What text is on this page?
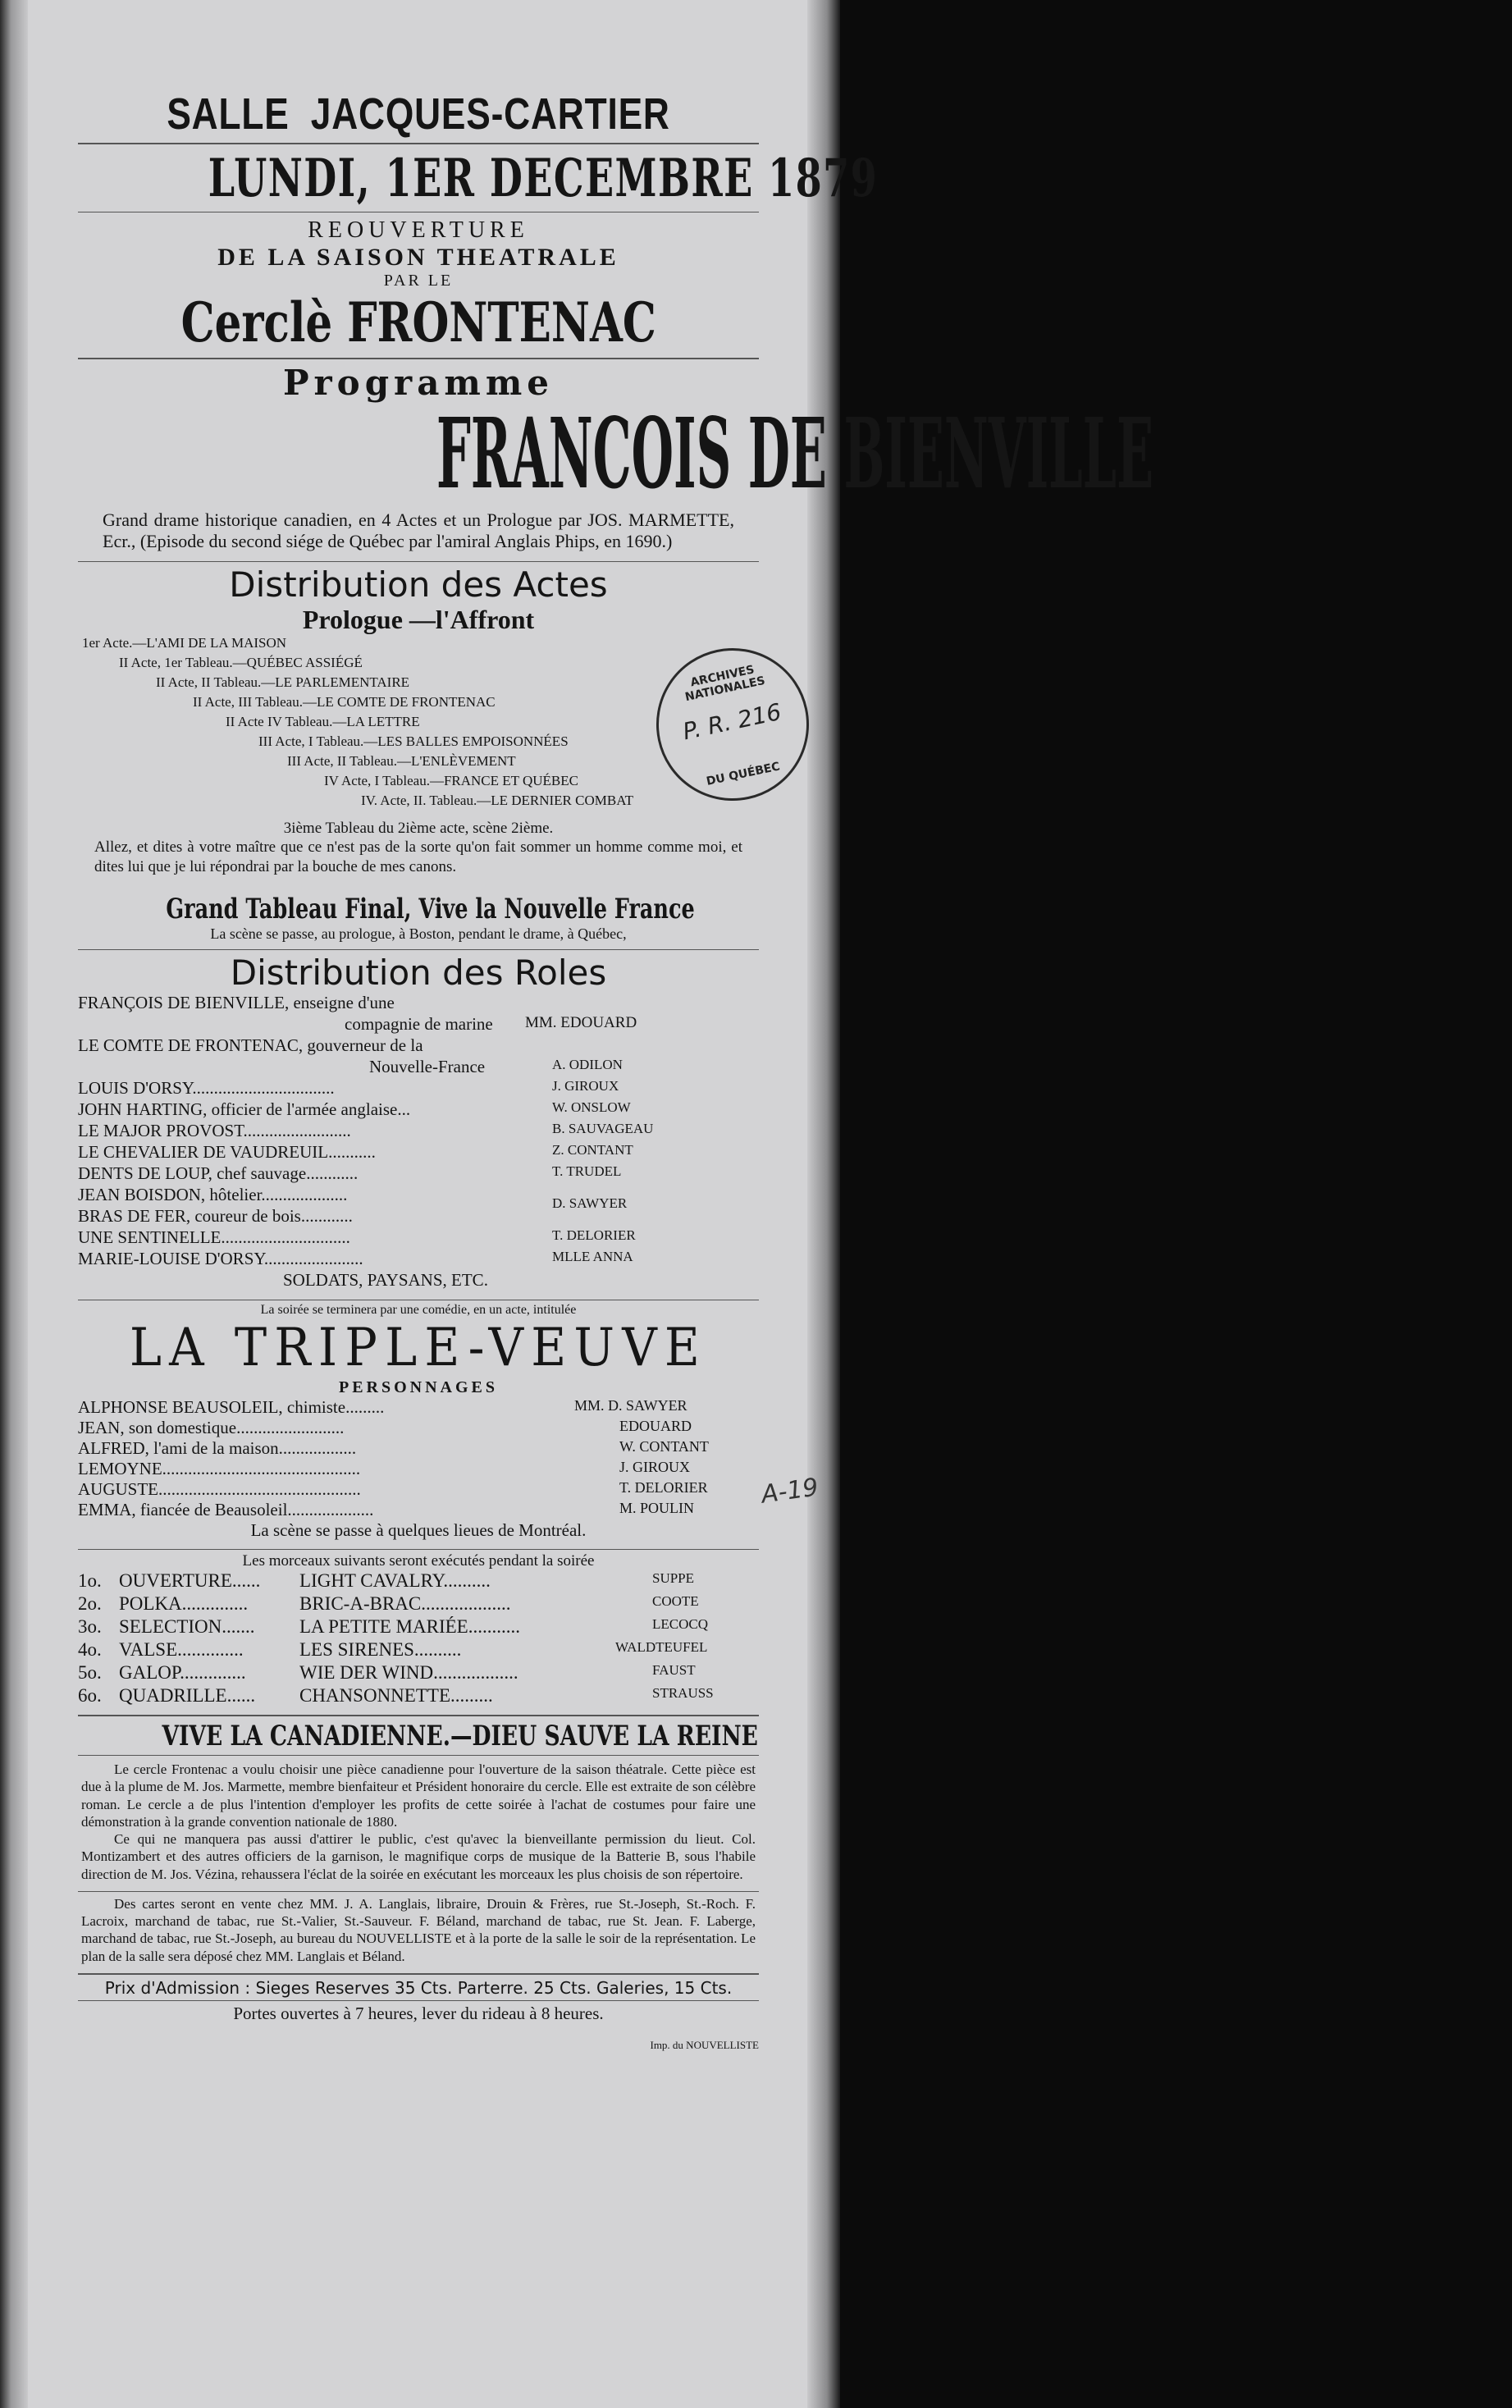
ARCHIVES NATIONALES
P. R. 216
DU QUÉBEC
A-19
SALLE JACQUES-CARTIER
LUNDI, 1ER DECEMBRE 1879
REOUVERTURE
DE LA SAISON THEATRALE
PAR LE
Cerclè FRONTENAC
Programme
FRANCOIS DE BIENVILLE
Grand drame historique canadien, en 4 Actes et un Prologue par JOS. MARMETTE, Ecr., (Episode du second siége de Québec par l'amiral Anglais Phips, en 1690.)
Distribution des Actes
Prologue —l'Affront
1er Acte.—L'AMI DE LA MAISON
II Acte, 1er Tableau.—QUÉBEC ASSIÉGÉ
II Acte, II Tableau.—LE PARLEMENTAIRE
II Acte, III Tableau.—LE COMTE DE FRONTENAC
II Acte IV Tableau.—LA LETTRE
III Acte, I Tableau.—LES BALLES EMPOISONNÉES
III Acte, II Tableau.—L'ENLÈVEMENT
IV Acte, I Tableau.—FRANCE ET QUÉBEC
IV. Acte, II. Tableau.—LE DERNIER COMBAT
3ième Tableau du 2ième acte, scène 2ième.
Allez, et dites à votre maître que ce n'est pas de la sorte qu'on fait sommer un homme comme moi, et dites lui que je lui répondrai par la bouche de mes canons.
Grand Tableau Final, Vive la Nouvelle France
La scène se passe, au prologue, à Boston, pendant le drame, à Québec,
Distribution des Roles
FRANÇOIS DE BIENVILLE, enseigne d'une
compagnie de marine MM. EDOUARD
LE COMTE DE FRONTENAC, gouverneur de la
Nouvelle-France	A. ODILON
LOUIS D'ORSY.................................	J. GIROUX
JOHN HARTING, officier de l'armée anglaise...	W. ONSLOW
LE MAJOR PROVOST.........................	B. SAUVAGEAU
LE CHEVALIER DE VAUDREUIL...........	Z. CONTANT
DENTS DE LOUP, chef sauvage............	T. TRUDEL
JEAN BOISDON, hôtelier....................	D. SAWYER
BRAS DE FER, coureur de bois............
UNE SENTINELLE..............................	T. DELORIER
MARIE-LOUISE D'ORSY.......................	MLLE ANNA
SOLDATS, PAYSANS, ETC.
La soirée se terminera par une comédie, en un acte, intitulée
LA TRIPLE-VEUVE
PERSONNAGES
ALPHONSE BEAUSOLEIL, chimiste.........	MM. D. SAWYER
JEAN, son domestique.........................	EDOUARD
ALFRED, l'ami de la maison..................	W. CONTANT
LEMOYNE..............................................	J. GIROUX
AUGUSTE...............................................	T. DELORIER
EMMA, fiancée de Beausoleil....................	M. POULIN
La scène se passe à quelques lieues de Montréal.
Les morceaux suivants seront exécutés pendant la soirée
1o. OUVERTURE...... LIGHT CAVALRY..........	SUPPE
2o. POLKA..............	BRIC-A-BRAC...................	COOTE
3o. SELECTION....... LA PETITE MARIÉE...........	LECOCQ
4o. VALSE..............	LES SIRENES..........	WALDTEUFEL
5o. GALOP..............	WIE DER WIND..................	FAUST
6o. QUADRILLE...... CHANSONNETTE.........	STRAUSS
VIVE LA CANADIENNE.—DIEU SAUVE LA REINE
Le cercle Frontenac a voulu choisir une pièce canadienne pour l'ouverture de la saison théatrale. Cette pièce est due à la plume de M. Jos. Marmette, membre bienfaiteur et Président honoraire du cercle. Elle est extraite de son célèbre roman. Le cercle a de plus l'intention d'employer les profits de cette soirée à l'achat de costumes pour faire une démonstration à la grande convention nationale de 1880.
Ce qui ne manquera pas aussi d'attirer le public, c'est qu'avec la bienveillante permission du lieut. Col. Montizambert et des autres officiers de la garnison, le magnifique corps de musique de la Batterie B, sous l'habile direction de M. Jos. Vézina, rehaussera l'éclat de la soirée en exécutant les morceaux les plus choisis de son répertoire.
Des cartes seront en vente chez MM. J. A. Langlais, libraire, Drouin & Frères, rue St.-Joseph, St.-Roch. F. Lacroix, marchand de tabac, rue St.-Valier, St.-Sauveur. F. Béland, marchand de tabac, rue St. Jean. F. Laberge, marchand de tabac, rue St.-Joseph, au bureau du NOUVELLISTE et à la porte de la salle le soir de la représentation. Le plan de la salle sera déposé chez MM. Langlais et Béland.
Prix d'Admission : Sieges Reserves 35 Cts. Parterre. 25 Cts. Galeries, 15 Cts.
Portes ouvertes à 7 heures, lever du rideau à 8 heures.
Imp. du NOUVELLISTE
